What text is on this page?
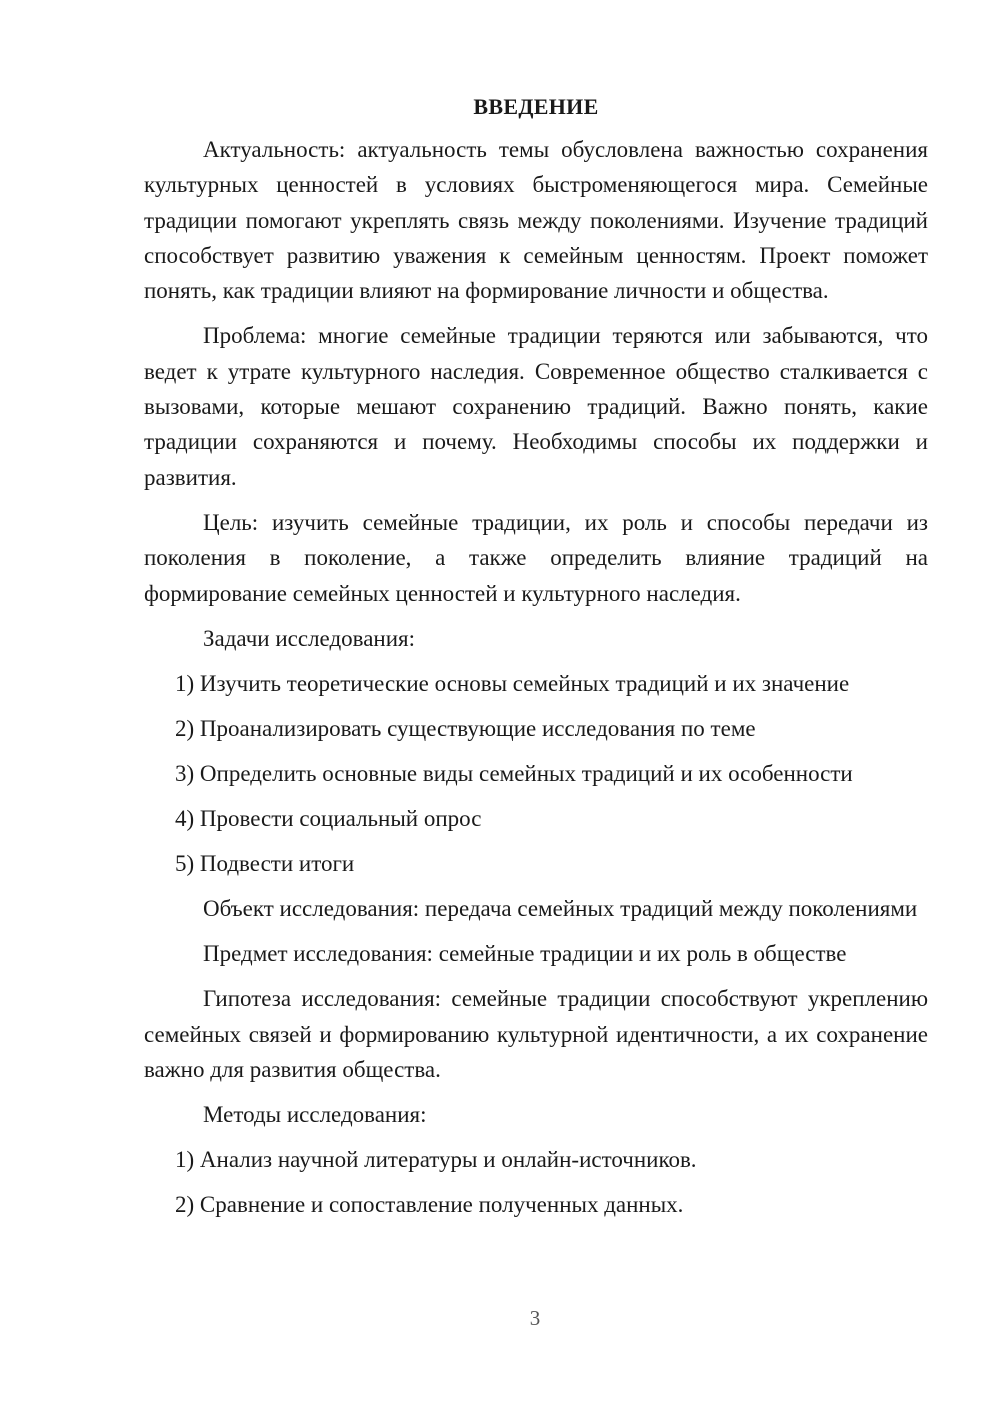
ВВЕДЕНИЕ
Актуальность: актуальность темы обусловлена важностью сохранения культурных ценностей в условиях быстроменяющегося мира. Семейные традиции помогают укреплять связь между поколениями. Изучение традиций способствует развитию уважения к семейным ценностям. Проект поможет понять, как традиции влияют на формирование личности и общества.
Проблема: многие семейные традиции теряются или забываются, что ведет к утрате культурного наследия. Современное общество сталкивается с вызовами, которые мешают сохранению традиций. Важно понять, какие традиции сохраняются и почему. Необходимы способы их поддержки и развития.
Цель: изучить семейные традиции, их роль и способы передачи из поколения в поколение, а также определить влияние традиций на формирование семейных ценностей и культурного наследия.
Задачи исследования:
1) Изучить теоретические основы семейных традиций и их значение
2) Проанализировать существующие исследования по теме
3) Определить основные виды семейных традиций и их особенности
4) Провести социальный опрос
5) Подвести итоги
Объект исследования: передача семейных традиций между поколениями
Предмет исследования: семейные традиции и их роль в обществе
Гипотеза исследования: семейные традиции способствуют укреплению семейных связей и формированию культурной идентичности, а их сохранение важно для развития общества.
Методы исследования:
1) Анализ научной литературы и онлайн-источников.
2) Сравнение и сопоставление полученных данных.
3
